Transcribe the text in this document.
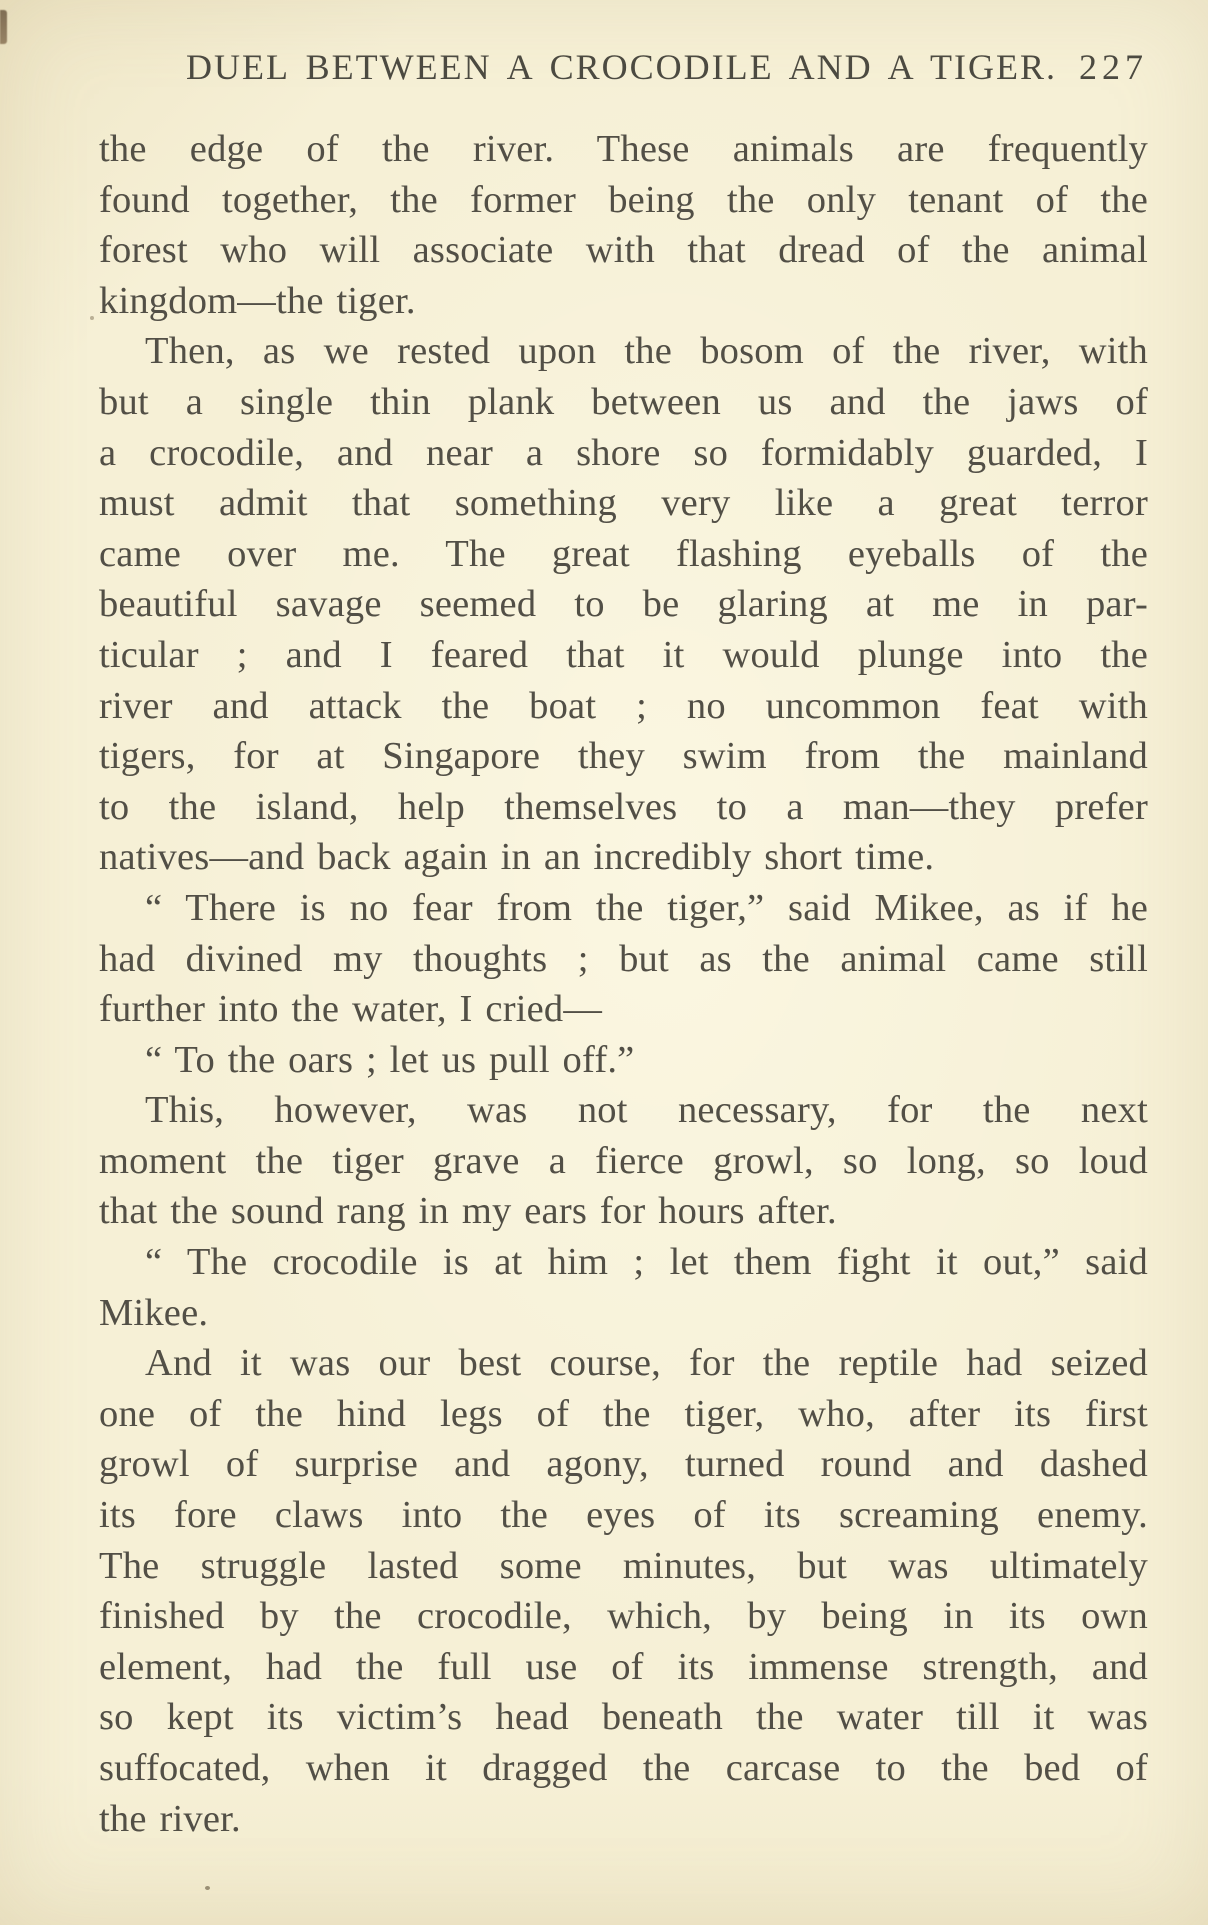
DUEL BETWEEN A CROCODILE AND A TIGER. 227
the edge of the river. These animals are frequently
found together, the former being the only tenant of the
forest who will associate with that dread of the animal
kingdom—the tiger.
Then, as we rested upon the bosom of the river, with
but a single thin plank between us and the jaws of
a crocodile, and near a shore so formidably guarded, I
must admit that something very like a great terror
came over me. The great flashing eyeballs of the
beautiful savage seemed to be glaring at me in par-
ticular ; and I feared that it would plunge into the
river and attack the boat ; no uncommon feat with
tigers, for at Singapore they swim from the mainland
to the island, help themselves to a man—they prefer
natives—and back again in an incredibly short time.
“ There is no fear from the tiger,” said Mikee, as if he
had divined my thoughts ; but as the animal came still
further into the water, I cried—
“ To the oars ; let us pull off.”
This, however, was not necessary, for the next
moment the tiger grave a fierce growl, so long, so loud
that the sound rang in my ears for hours after.
“ The crocodile is at him ; let them fight it out,” said
Mikee.
And it was our best course, for the reptile had seized
one of the hind legs of the tiger, who, after its first
growl of surprise and agony, turned round and dashed
its fore claws into the eyes of its screaming enemy.
The struggle lasted some minutes, but was ultimately
finished by the crocodile, which, by being in its own
element, had the full use of its immense strength, and
so kept its victim’s head beneath the water till it was
suffocated, when it dragged the carcase to the bed of
the river.
